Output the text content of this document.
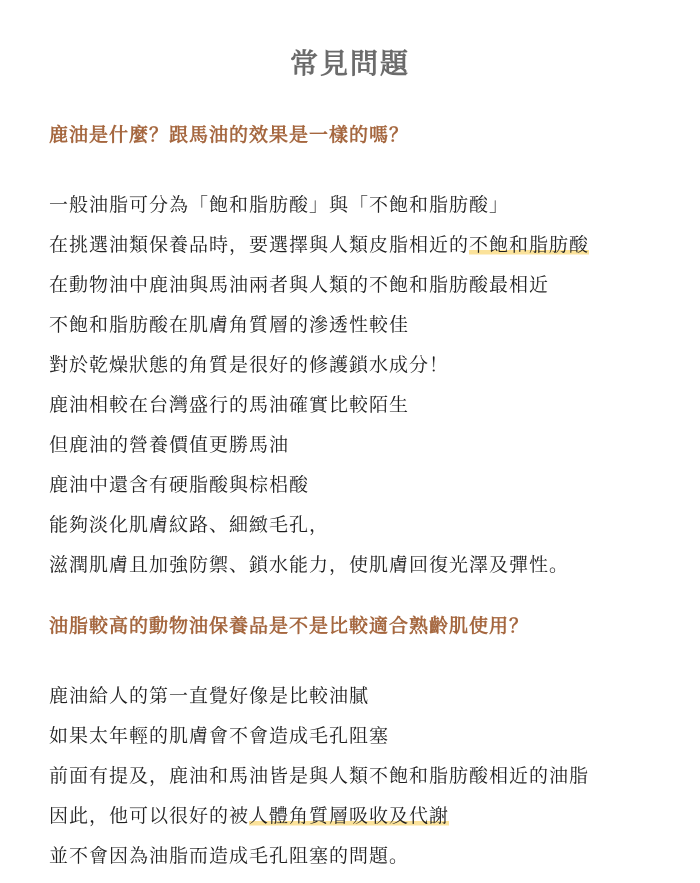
常見問題
鹿油是什麼？跟馬油的效果是一樣的嗎？
一般油脂可分為「飽和脂肪酸」與「不飽和脂肪酸」
在挑選油類保養品時，要選擇與人類皮脂相近的不飽和脂肪酸
在動物油中鹿油與馬油兩者與人類的不飽和脂肪酸最相近
不飽和脂肪酸在肌膚角質層的滲透性較佳
對於乾燥狀態的角質是很好的修護鎖水成分！
鹿油相較在台灣盛行的馬油確實比較陌生
但鹿油的營養價值更勝馬油
鹿油中還含有硬脂酸與棕梠酸
能夠淡化肌膚紋路、細緻毛孔，
滋潤肌膚且加強防禦、鎖水能力，使肌膚回復光澤及彈性。
油脂較高的動物油保養品是不是比較適合熟齡肌使用？
鹿油給人的第一直覺好像是比較油膩
如果太年輕的肌膚會不會造成毛孔阻塞
前面有提及，鹿油和馬油皆是與人類不飽和脂肪酸相近的油脂
因此，他可以很好的被人體角質層吸收及代謝
並不會因為油脂而造成毛孔阻塞的問題。
